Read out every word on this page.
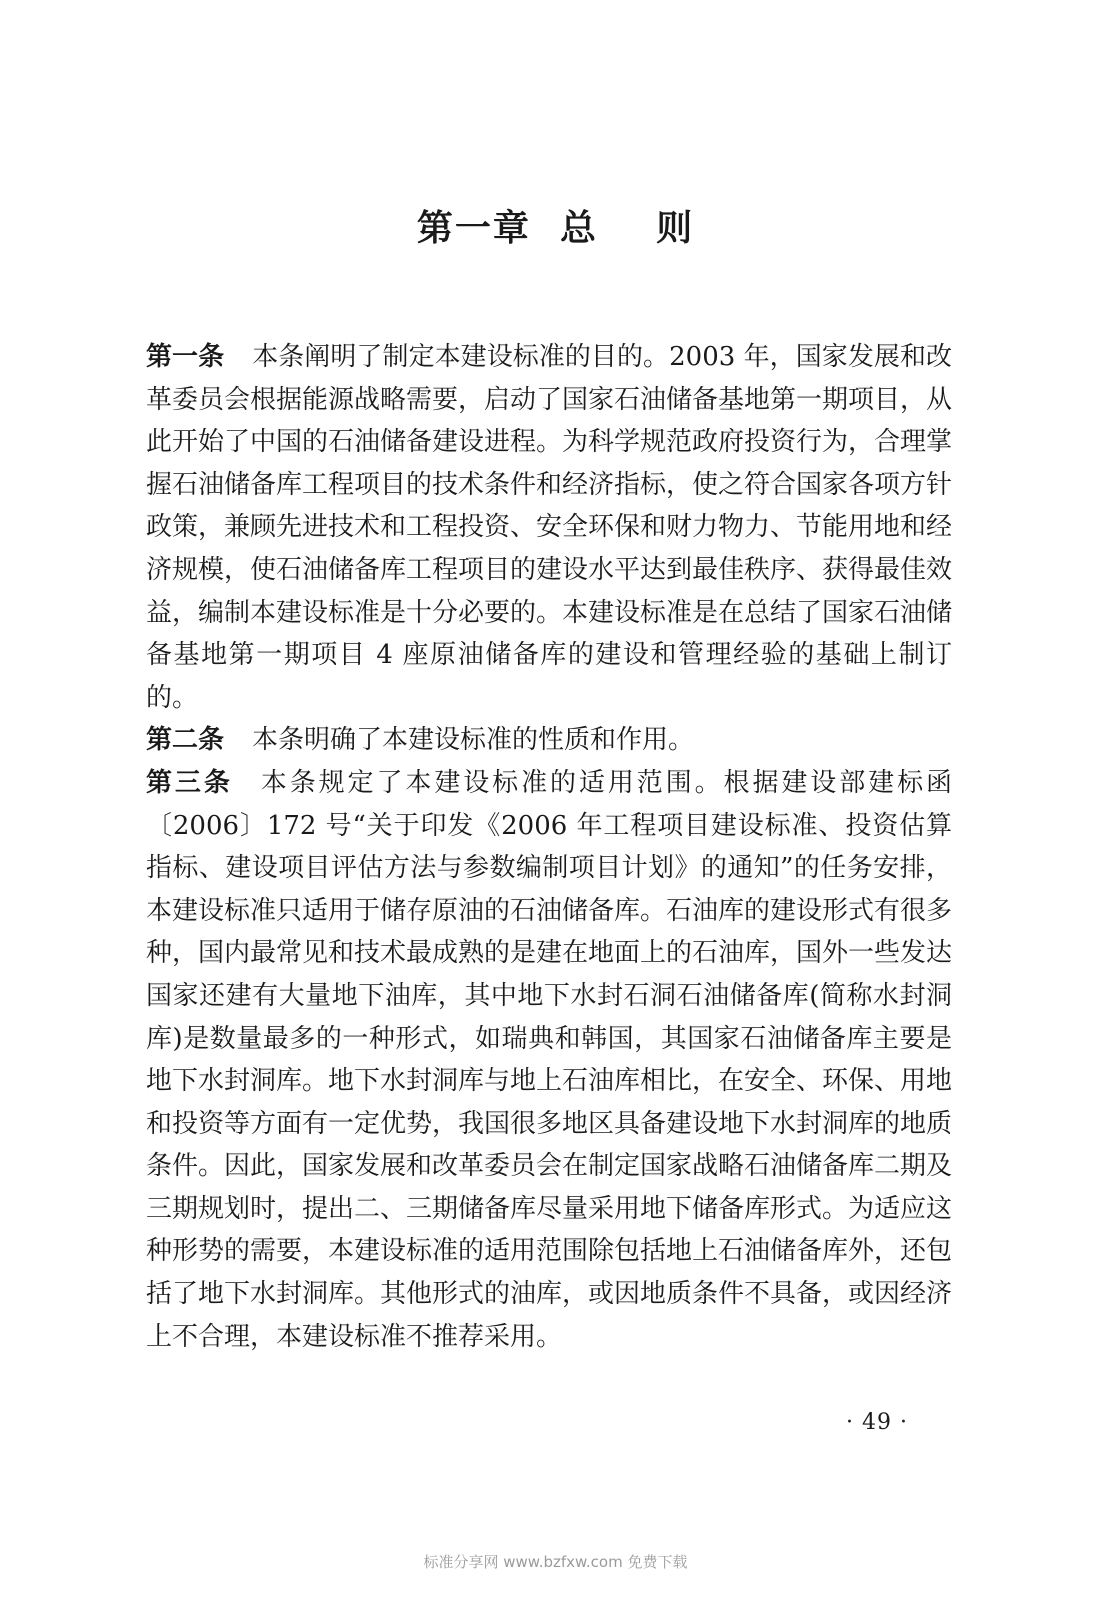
第一章  总    则

第一条 本条阐明了制定本建设标准的目的。2003 年，国家发展和改革委员会根据能源战略需要，启动了国家石油储备基地第一期项目，从此开始了中国的石油储备建设进程。为科学规范政府投资行为，合理掌握石油储备库工程项目的技术条件和经济指标，使之符合国家各项方针政策，兼顾先进技术和工程投资、安全环保和财力物力、节能用地和经济规模，使石油储备库工程项目的建设水平达到最佳秩序、获得最佳效益，编制本建设标准是十分必要的。本建设标准是在总结了国家石油储备基地第一期项目 4 座原油储备库的建设和管理经验的基础上制订的。

第二条 本条明确了本建设标准的性质和作用。

第三条 本条规定了本建设标准的适用范围。根据建设部建标函〔2006〕172 号“关于印发《2006 年工程项目建设标准、投资估算指标、建设项目评估方法与参数编制项目计划》的通知”的任务安排，本建设标准只适用于储存原油的石油储备库。石油库的建设形式有很多种，国内最常见和技术最成熟的是建在地面上的石油库，国外一些发达国家还建有大量地下油库，其中地下水封石洞石油储备库(简称水封洞库)是数量最多的一种形式，如瑞典和韩国，其国家石油储备库主要是地下水封洞库。地下水封洞库与地上石油库相比，在安全、环保、用地和投资等方面有一定优势，我国很多地区具备建设地下水封洞库的地质条件。因此，国家发展和改革委员会在制定国家战略石油储备库二期及三期规划时，提出二、三期储备库尽量采用地下储备库形式。为适应这种形势的需要，本建设标准的适用范围除包括地上石油储备库外，还包括了地下水封洞库。其他形式的油库，或因地质条件不具备，或因经济上不合理，本建设标准不推荐采用。

· 49 ·
标准分享网 www.bzfxw.com 免费下载
